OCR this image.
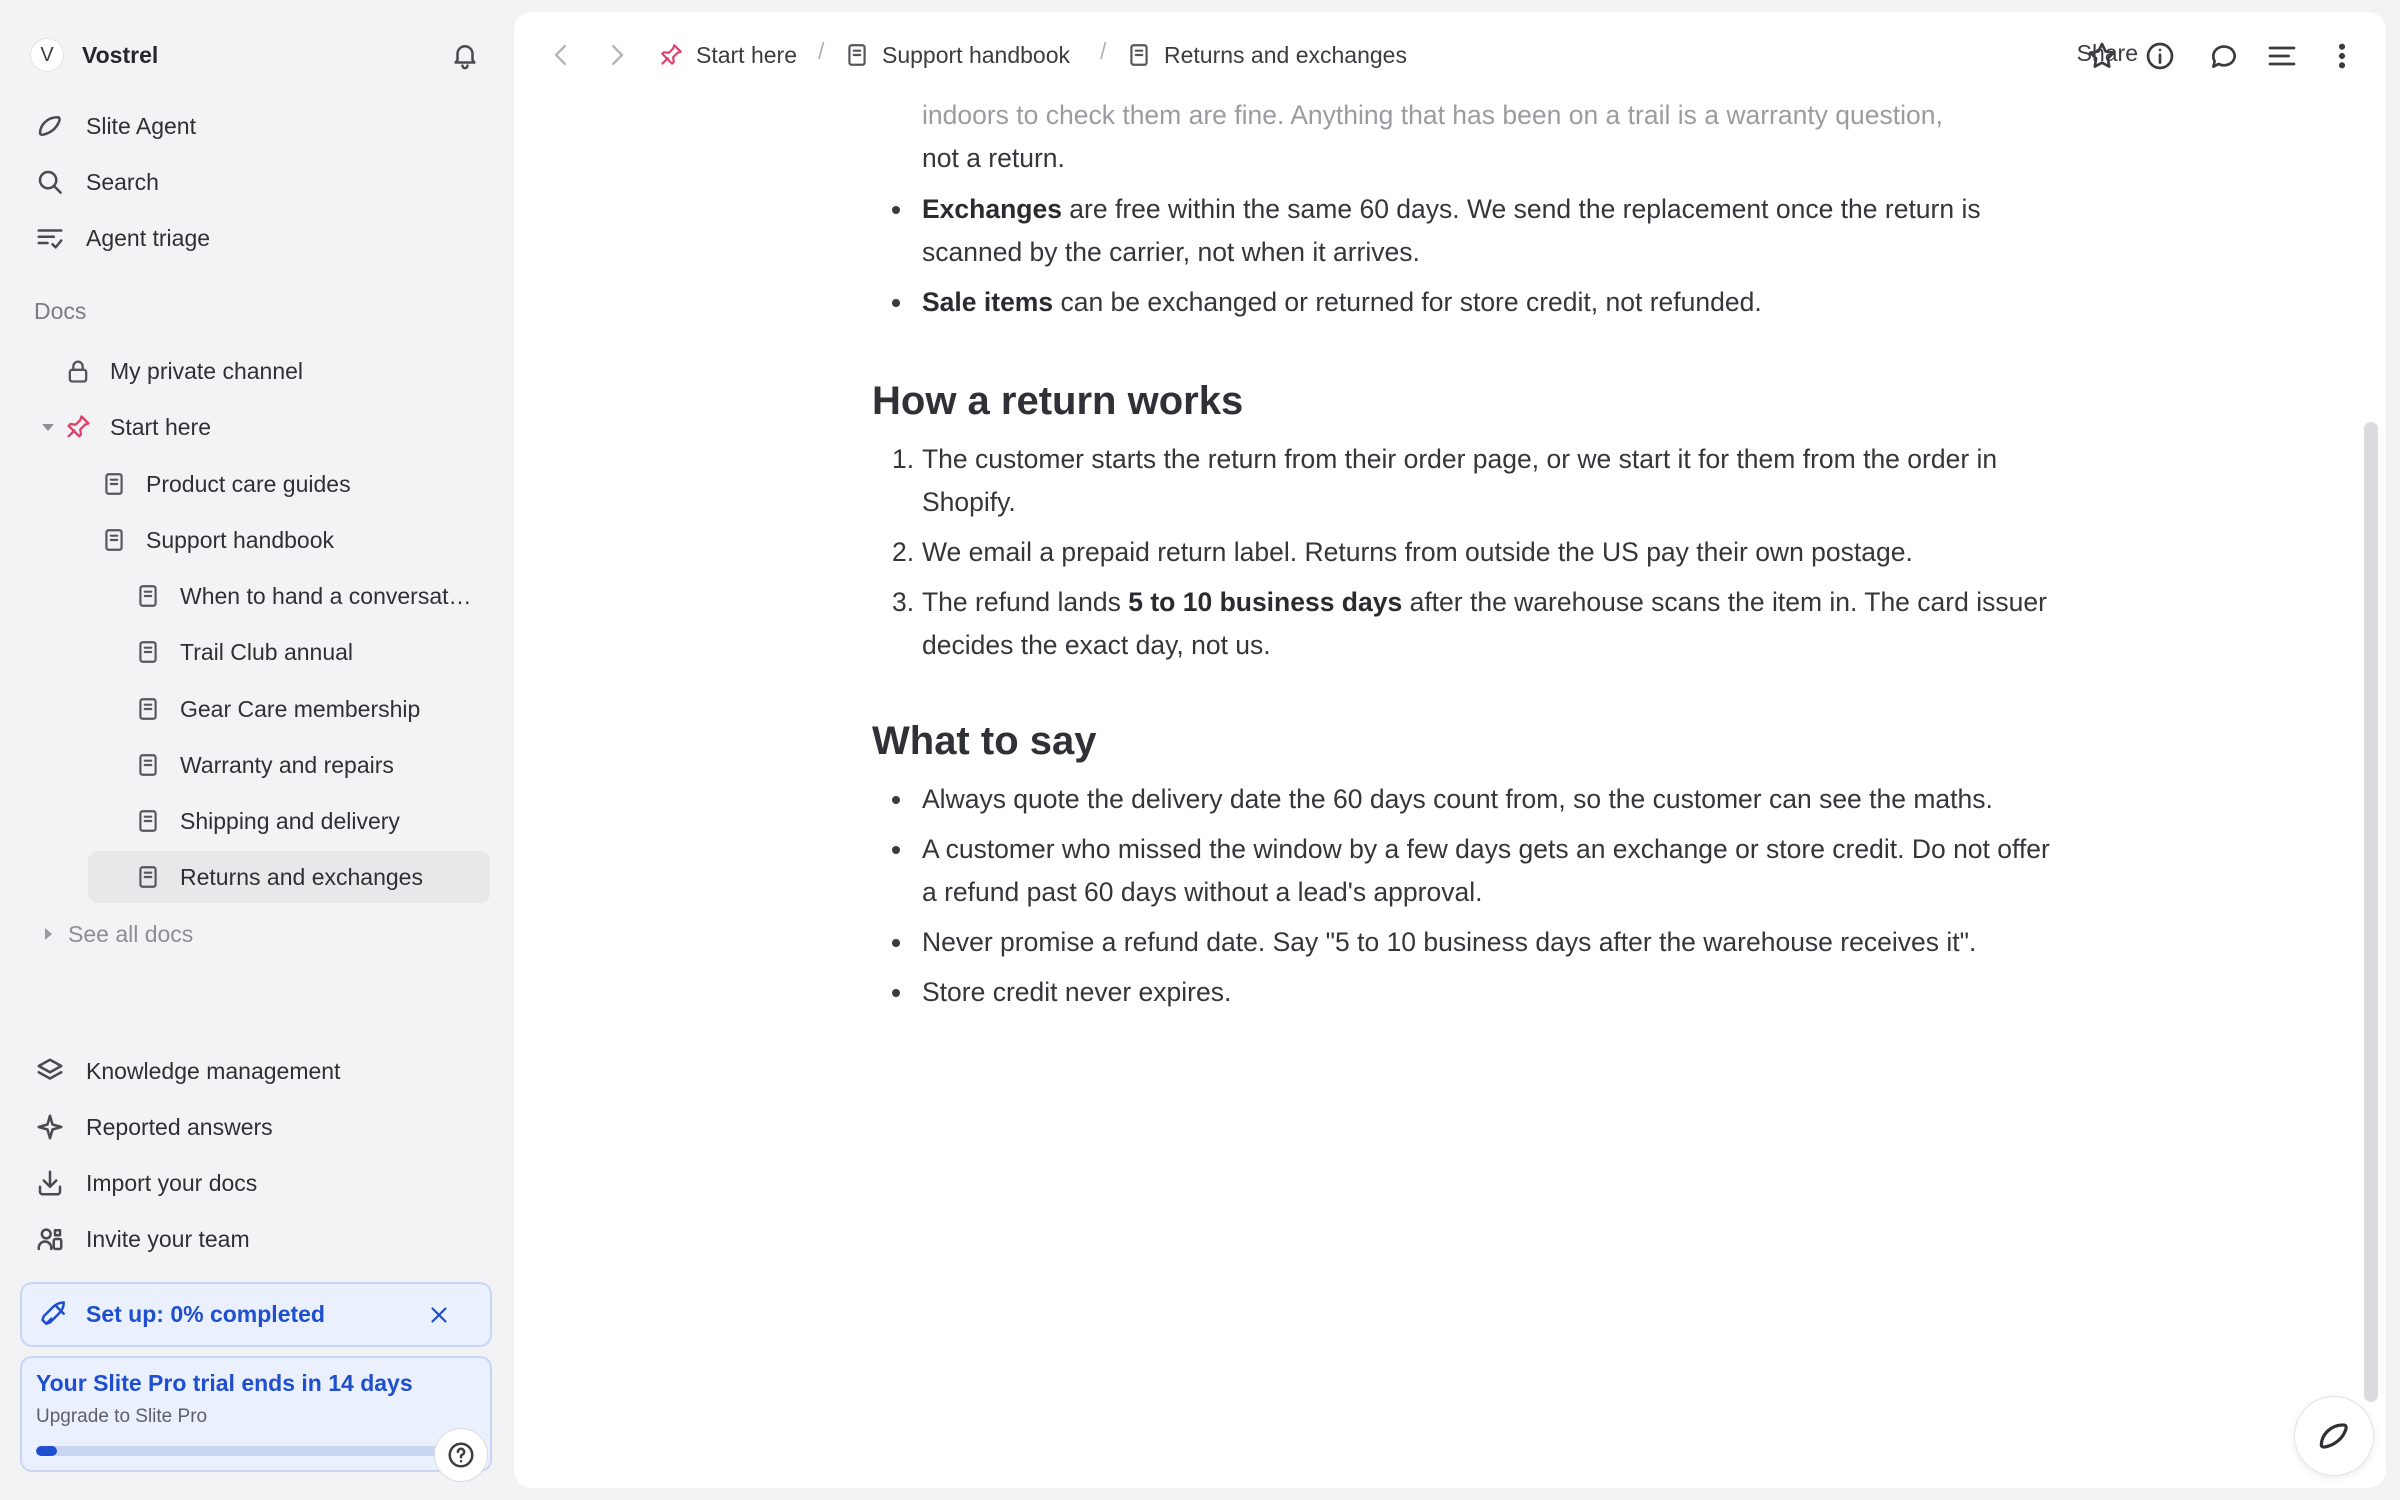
V	Vostrel
Slite Agent
Search
Agent triage
Docs
My private channel
Start here
Product care guides
Support handbook
When to hand a conversat…
Trail Club annual
Gear Care membership
Warranty and repairs
Shipping and delivery
Returns and exchanges
See all docs
Knowledge management
Reported answers
Import your docs
Invite your team
Set up: 0% completed
Your Slite Pro trial ends in 14 days
Upgrade to Slite Pro
Start here /	Support handbook /	Returns and exchanges	Share
indoors to check them are fine. Anything that has been on a trail is a warranty question,
not a return.
Exchanges are free within the same 60 days. We send the replacement once the return is scanned by the carrier, not when it arrives.
Sale items can be exchanged or returned for store credit, not refunded.
How a return works
1. The customer starts the return from their order page, or we start it for them from the order in Shopify.
2. We email a prepaid return label. Returns from outside the US pay their own postage.
3. The refund lands 5 to 10 business days after the warehouse scans the item in. The card issuer decides the exact day, not us.
What to say
Always quote the delivery date the 60 days count from, so the customer can see the maths.
A customer who missed the window by a few days gets an exchange or store credit. Do not offer a refund past 60 days without a lead's approval.
Never promise a refund date. Say "5 to 10 business days after the warehouse receives it".
Store credit never expires.
